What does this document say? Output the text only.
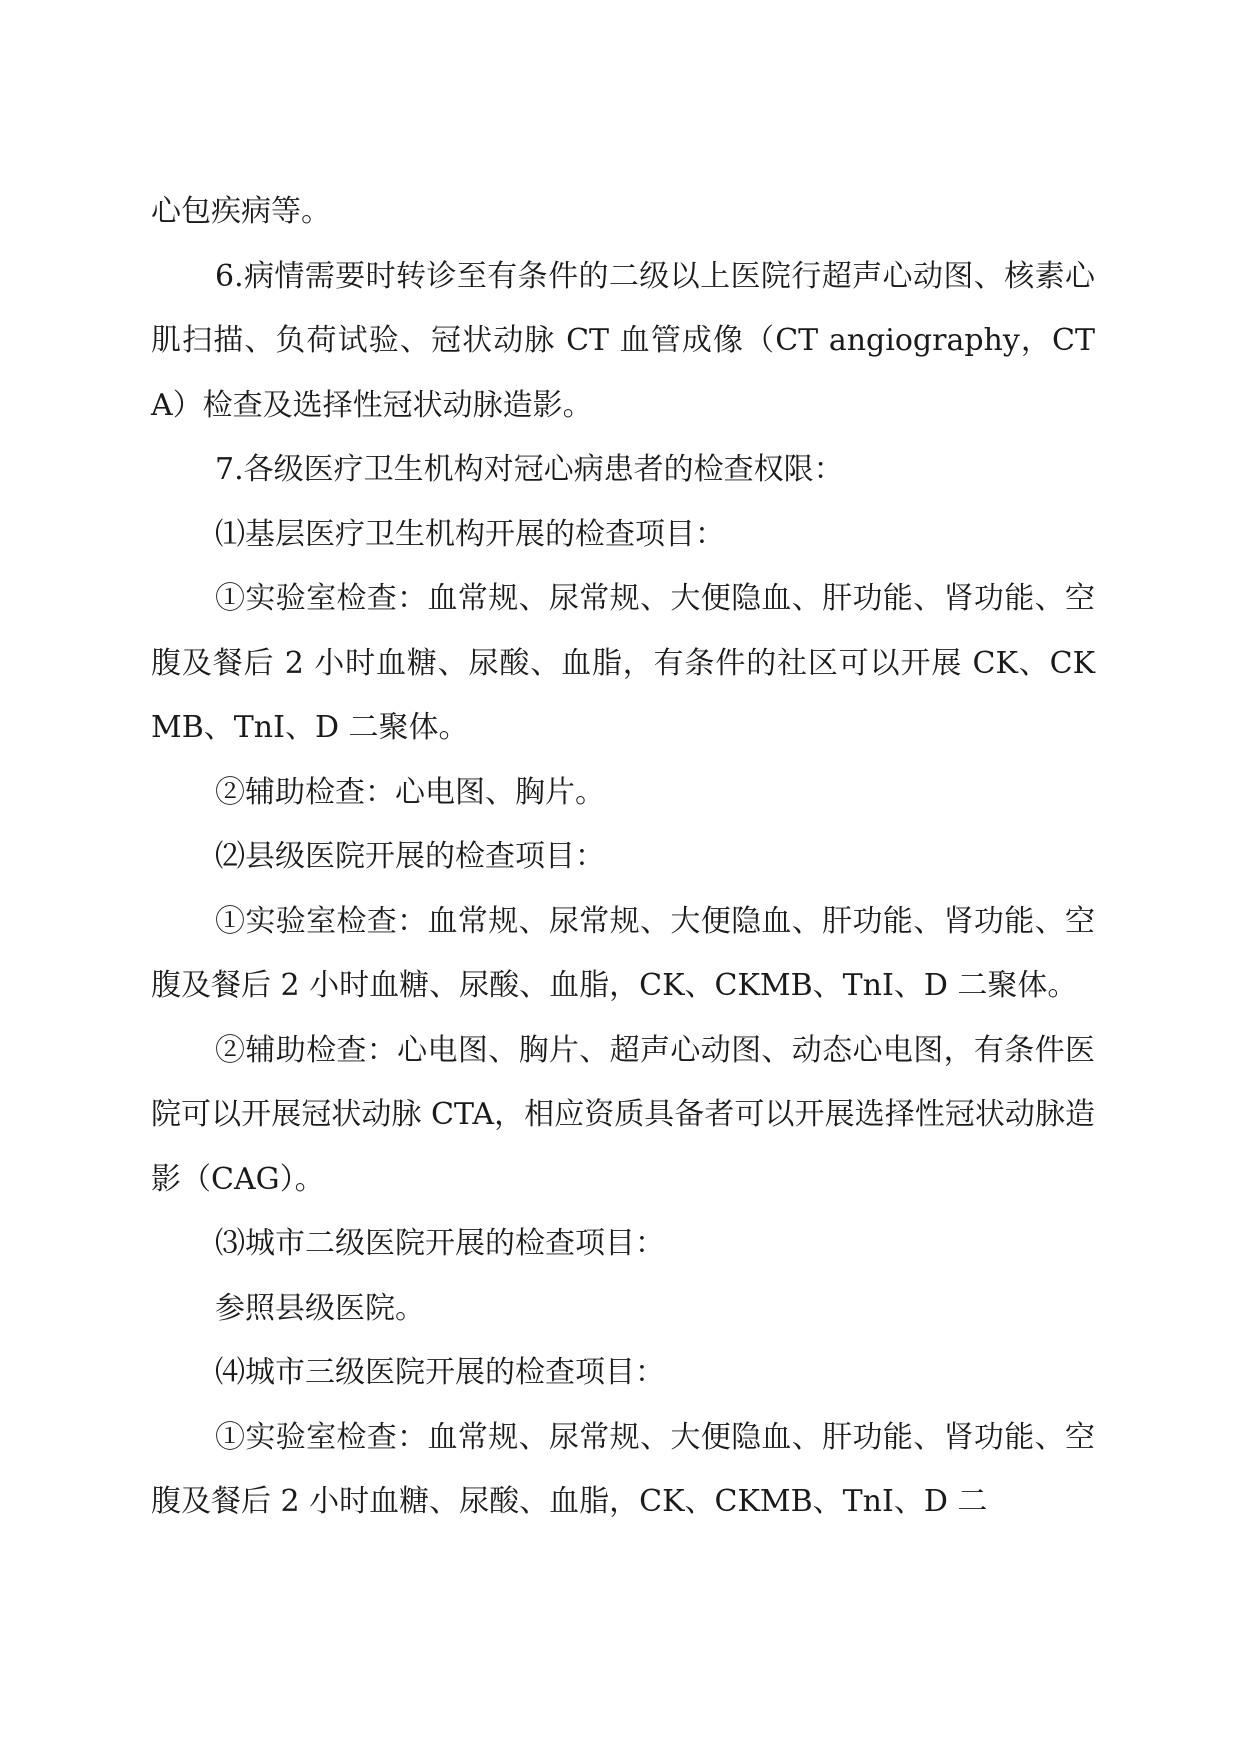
心包疾病等。

6.病情需要时转诊至有条件的二级以上医院行超声心动图、核素心肌扫描、负荷试验、冠状动脉 CT 血管成像（CT angiography，CTA）检查及选择性冠状动脉造影。

7.各级医疗卫生机构对冠心病患者的检查权限：

⑴基层医疗卫生机构开展的检查项目：

①实验室检查：血常规、尿常规、大便隐血、肝功能、肾功能、空腹及餐后 2 小时血糖、尿酸、血脂，有条件的社区可以开展 CK、CKMB、TnI、D 二聚体。

②辅助检查：心电图、胸片。

⑵县级医院开展的检查项目：

①实验室检查：血常规、尿常规、大便隐血、肝功能、肾功能、空腹及餐后 2 小时血糖、尿酸、血脂，CK、CKMB、TnI、D 二聚体。

②辅助检查：心电图、胸片、超声心动图、动态心电图，有条件医院可以开展冠状动脉 CTA，相应资质具备者可以开展选择性冠状动脉造影（CAG）。

⑶城市二级医院开展的检查项目：

参照县级医院。

⑷城市三级医院开展的检查项目：

①实验室检查：血常规、尿常规、大便隐血、肝功能、肾功能、空腹及餐后 2 小时血糖、尿酸、血脂，CK、CKMB、TnI、D 二
